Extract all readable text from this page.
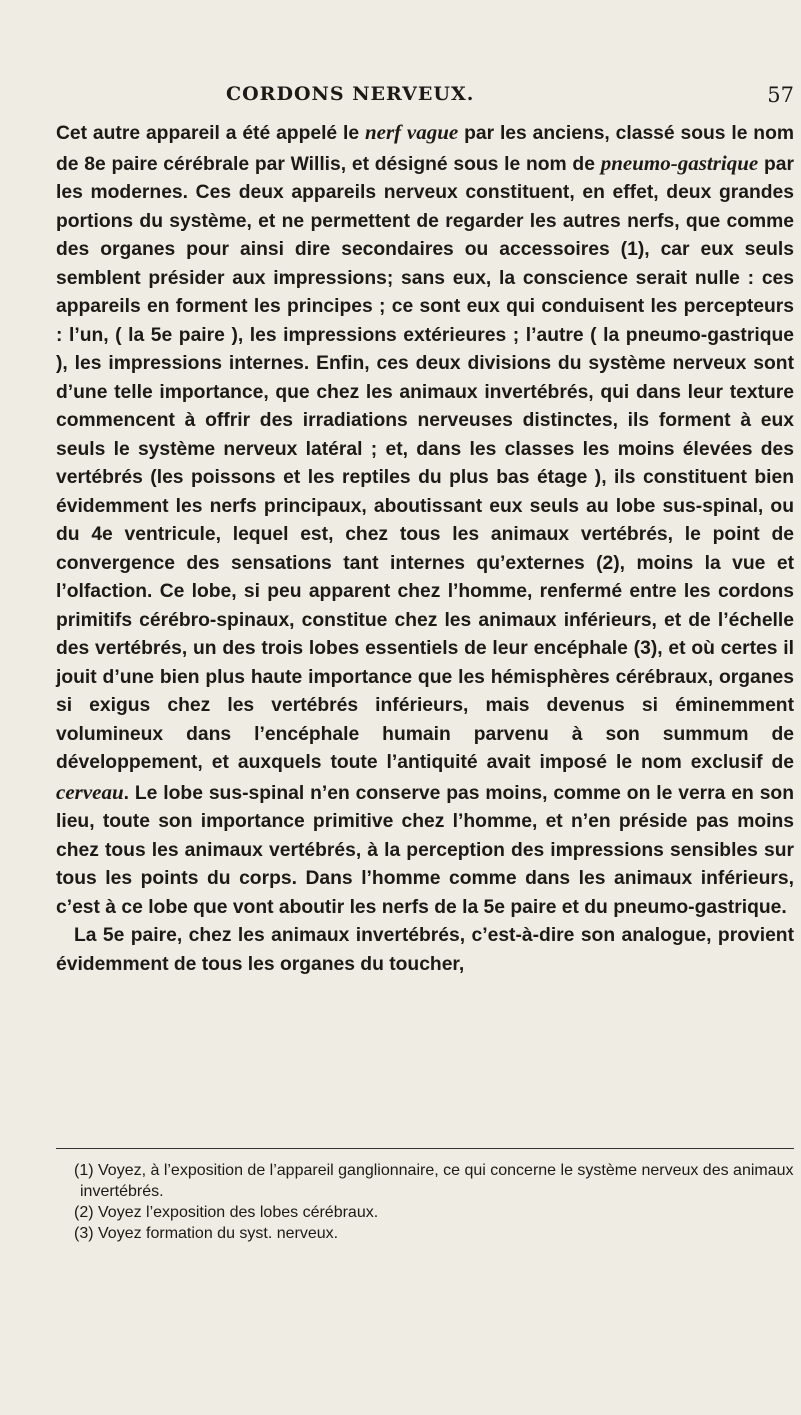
CORDONS NERVEUX.	57

Cet autre appareil a été appelé le nerf vague par les anciens, classé sous le nom de 8e paire cérébrale par Willis, et désigné sous le nom de pneumo-gastrique par les modernes. Ces deux appareils nerveux constituent, en effet, deux grandes portions du système, et ne permettent de regarder les autres nerfs, que comme des organes pour ainsi dire secondaires ou accessoires (1), car eux seuls semblent présider aux impressions; sans eux, la conscience serait nulle : ces appareils en forment les principes ; ce sont eux qui conduisent les percepteurs : l’un, ( la 5e paire ), les impressions extérieures ; l’autre ( la pneumo-gastrique ), les impressions internes. Enfin, ces deux divisions du système nerveux sont d’une telle importance, que chez les animaux invertébrés, qui dans leur texture commencent à offrir des irradiations nerveuses distinctes, ils forment à eux seuls le système nerveux latéral ; et, dans les classes les moins élevées des vertébrés (les poissons et les reptiles du plus bas étage ), ils constituent bien évidemment les nerfs principaux, aboutissant eux seuls au lobe sus-spinal, ou du 4e ventricule, lequel est, chez tous les animaux vertébrés, le point de convergence des sensations tant internes qu’externes (2), moins la vue et l’olfaction. Ce lobe, si peu apparent chez l’homme, renfermé entre les cordons primitifs cérébro-spinaux, constitue chez les animaux inférieurs, et de l’échelle des vertébrés, un des trois lobes essentiels de leur encéphale (3), et où certes il jouit d’une bien plus haute importance que les hémisphères cérébraux, organes si exigus chez les vertébrés inférieurs, mais devenus si éminemment volumineux dans l’encéphale humain parvenu à son summum de développement, et auxquels toute l’antiquité avait imposé le nom exclusif de cerveau. Le lobe sus-spinal n’en conserve pas moins, comme on le verra en son lieu, toute son importance primitive chez l’homme, et n’en préside pas moins chez tous les animaux vertébrés, à la perception des impressions sensibles sur tous les points du corps. Dans l’homme comme dans les animaux inférieurs, c’est à ce lobe que vont aboutir les nerfs de la 5e paire et du pneumo-gastrique.

La 5e paire, chez les animaux invertébrés, c’est-à-dire son analogue, provient évidemment de tous les organes du toucher,

(1) Voyez, à l’exposition de l’appareil ganglionnaire, ce qui concerne le système nerveux des animaux invertébrés.
(2) Voyez l’exposition des lobes cérébraux.
(3) Voyez formation du syst. nerveux.
